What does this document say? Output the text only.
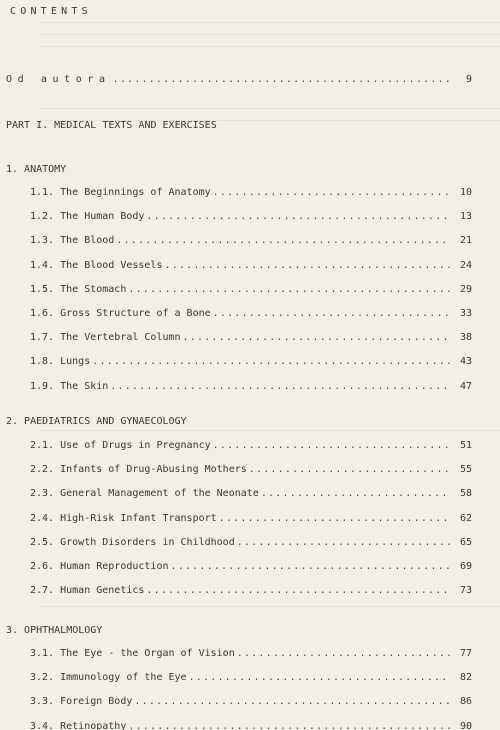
CONTENTS
Od autora .....	9
PART I. MEDICAL TEXTS AND EXERCISES
1. ANATOMY
1.1. The Beginnings of Anatomy .....	10
1.2. The Human Body .....	13
1.3. The Blood .....	21
1.4. The Blood Vessels .....	24
1.5. The Stomach .....	29
1.6. Gross Structure of a Bone .....	33
1.7. The Vertebral Column .....	38
1.8. Lungs .....	43
1.9. The Skin .....	47
2. PAEDIATRICS AND GYNAECOLOGY
2.1. Use of Drugs in Pregnancy .....	51
2.2. Infants of Drug-Abusing Mothers .....	55
2.3. General Management of the Neonate .....	58
2.4. High-Risk Infant Transport .....	62
2.5. Growth Disorders in Childhood .....	65
2.6. Human Reproduction .....	69
2.7. Human Genetics .....	73
3. OPHTHALMOLOGY
3.1. The Eye - the Organ of Vision .....	77
3.2. Immunology of the Eye .....	82
3.3. Foreign Body .....	86
3.4. Retinopathy .....	90
